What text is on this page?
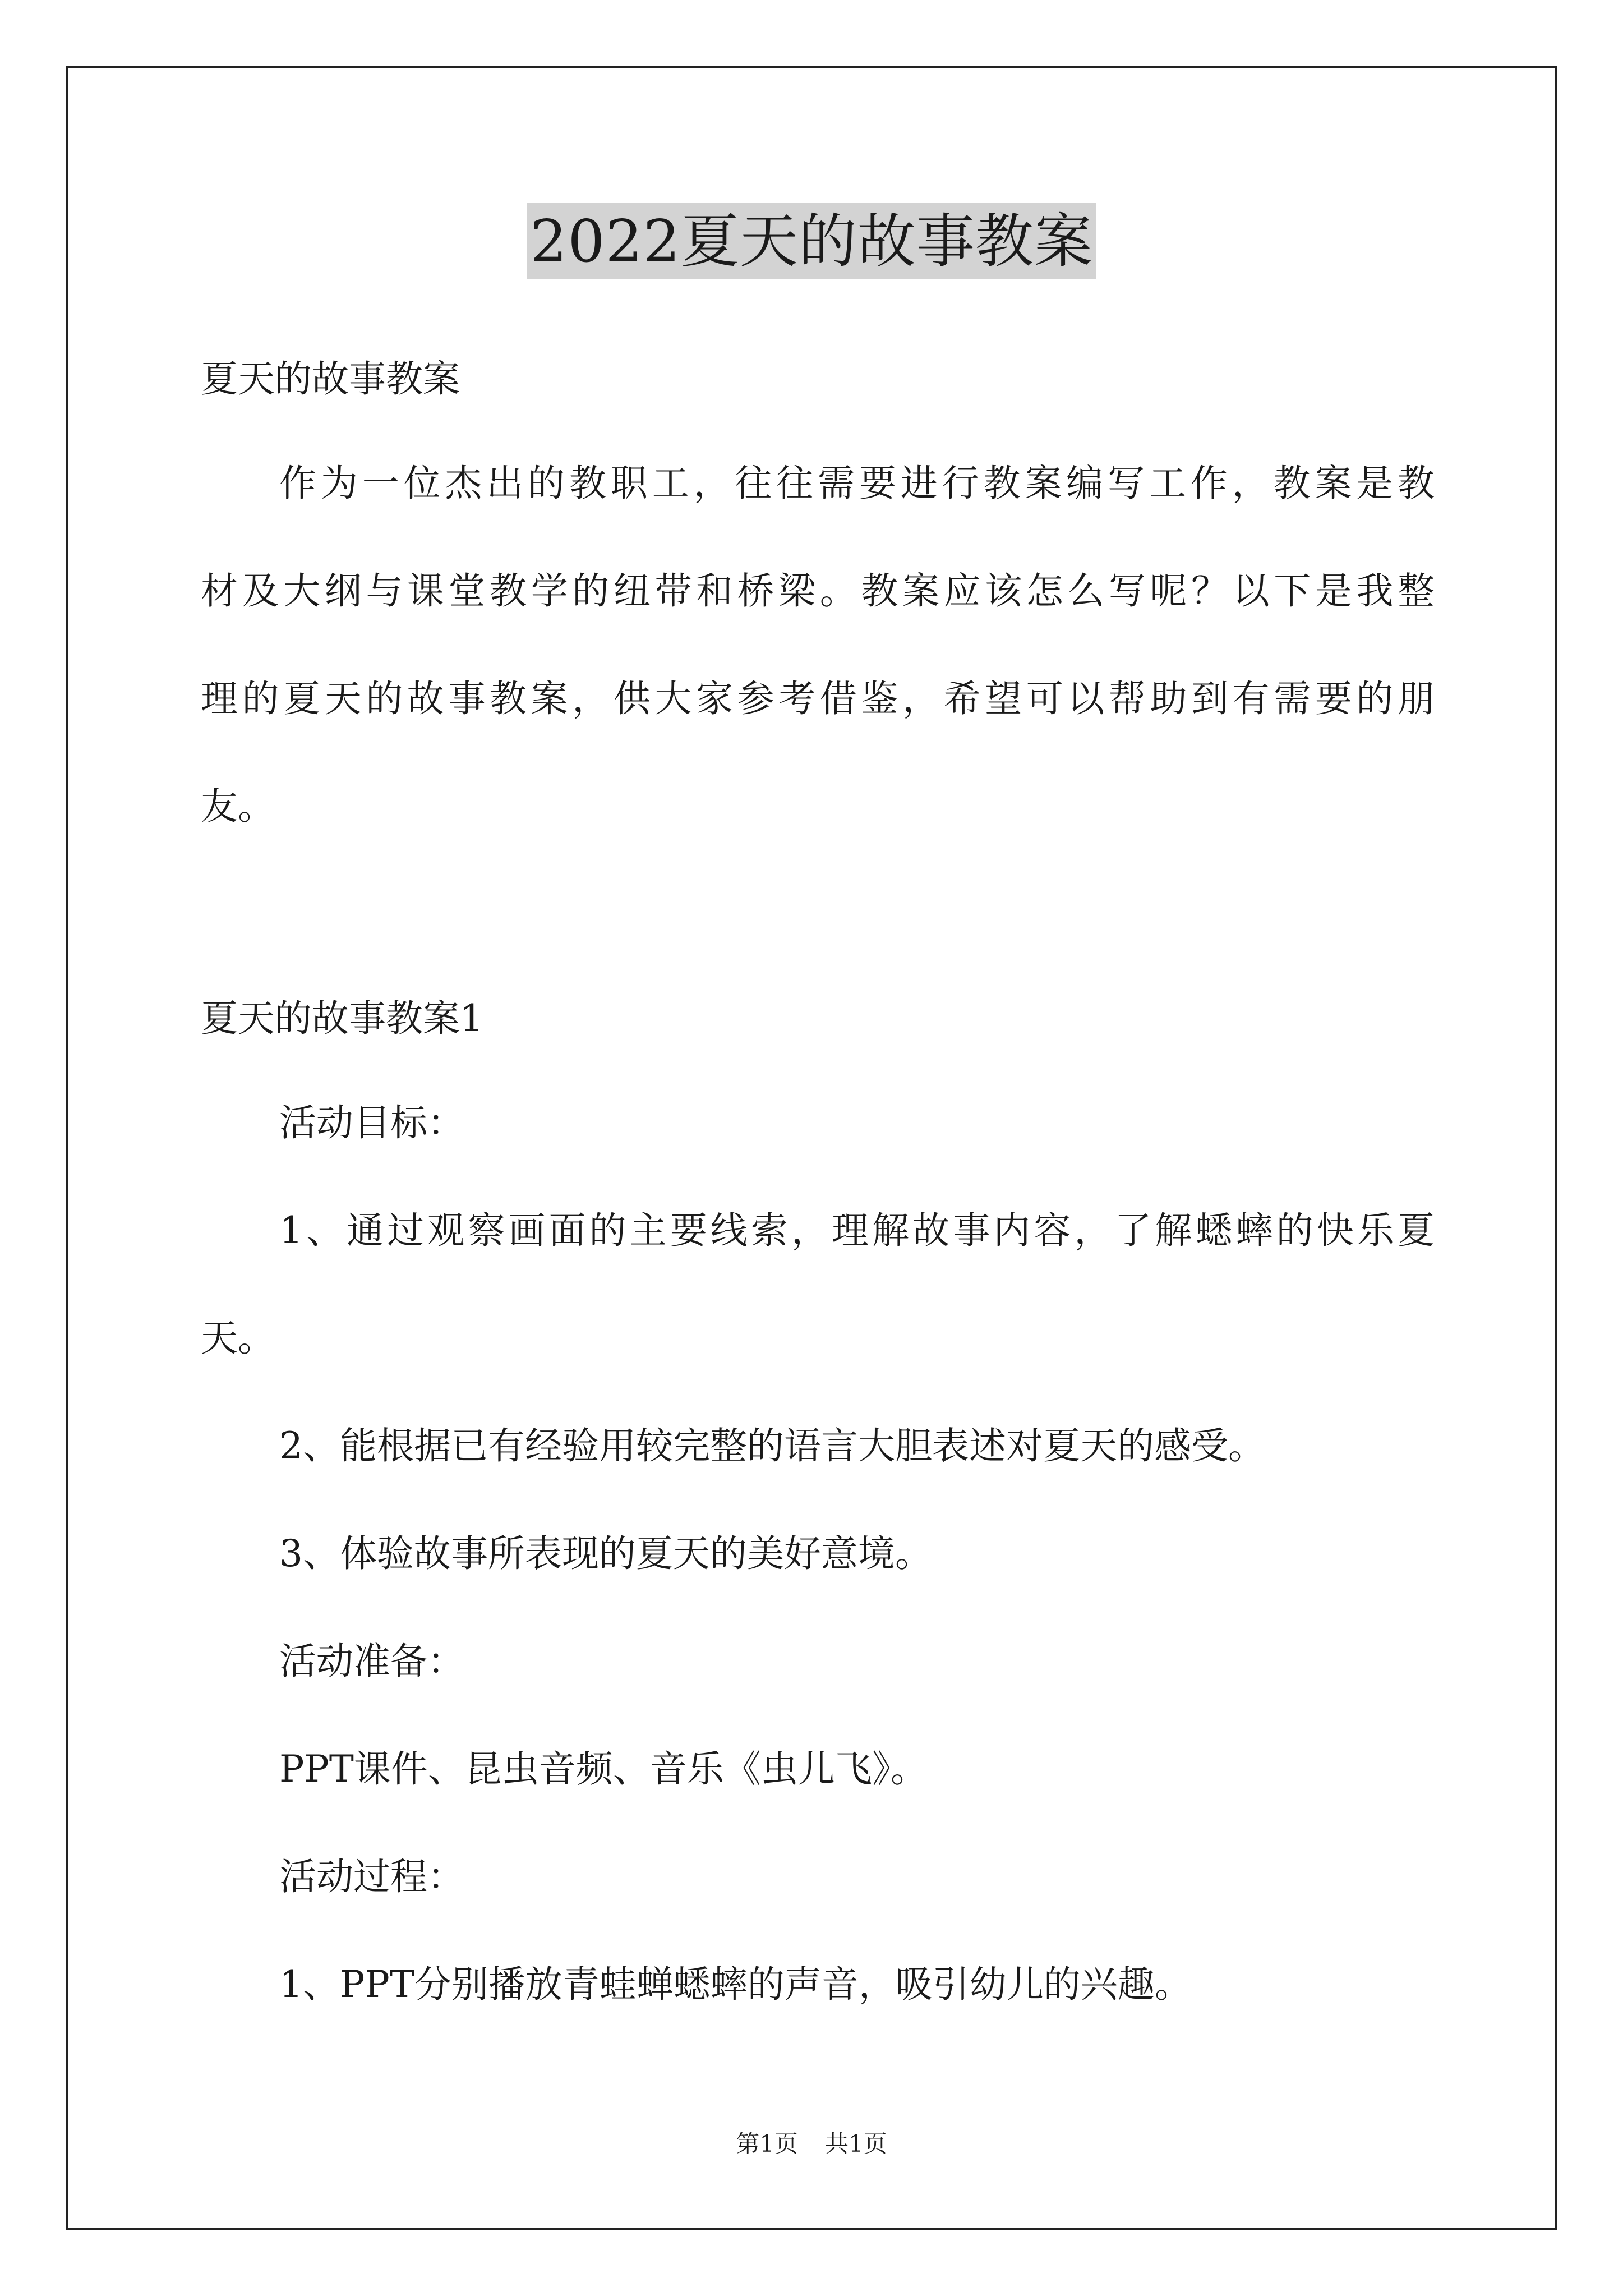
2022夏天的故事教案
夏天的故事教案
作为一位杰出的教职工，往往需要进行教案编写工作，教案是教
材及大纲与课堂教学的纽带和桥梁。教案应该怎么写呢？以下是我整
理的夏天的故事教案，供大家参考借鉴，希望可以帮助到有需要的朋
友。
夏天的故事教案1
活动目标：
1、通过观察画面的主要线索，理解故事内容，了解蟋蟀的快乐夏
天。
2、能根据已有经验用较完整的语言大胆表述对夏天的感受。
3、体验故事所表现的夏天的美好意境。
活动准备：
PPT课件、昆虫音频、音乐《虫儿飞》。
活动过程：
1、PPT分别播放青蛙蝉蟋蟀的声音，吸引幼儿的兴趣。
第1页 共1页
